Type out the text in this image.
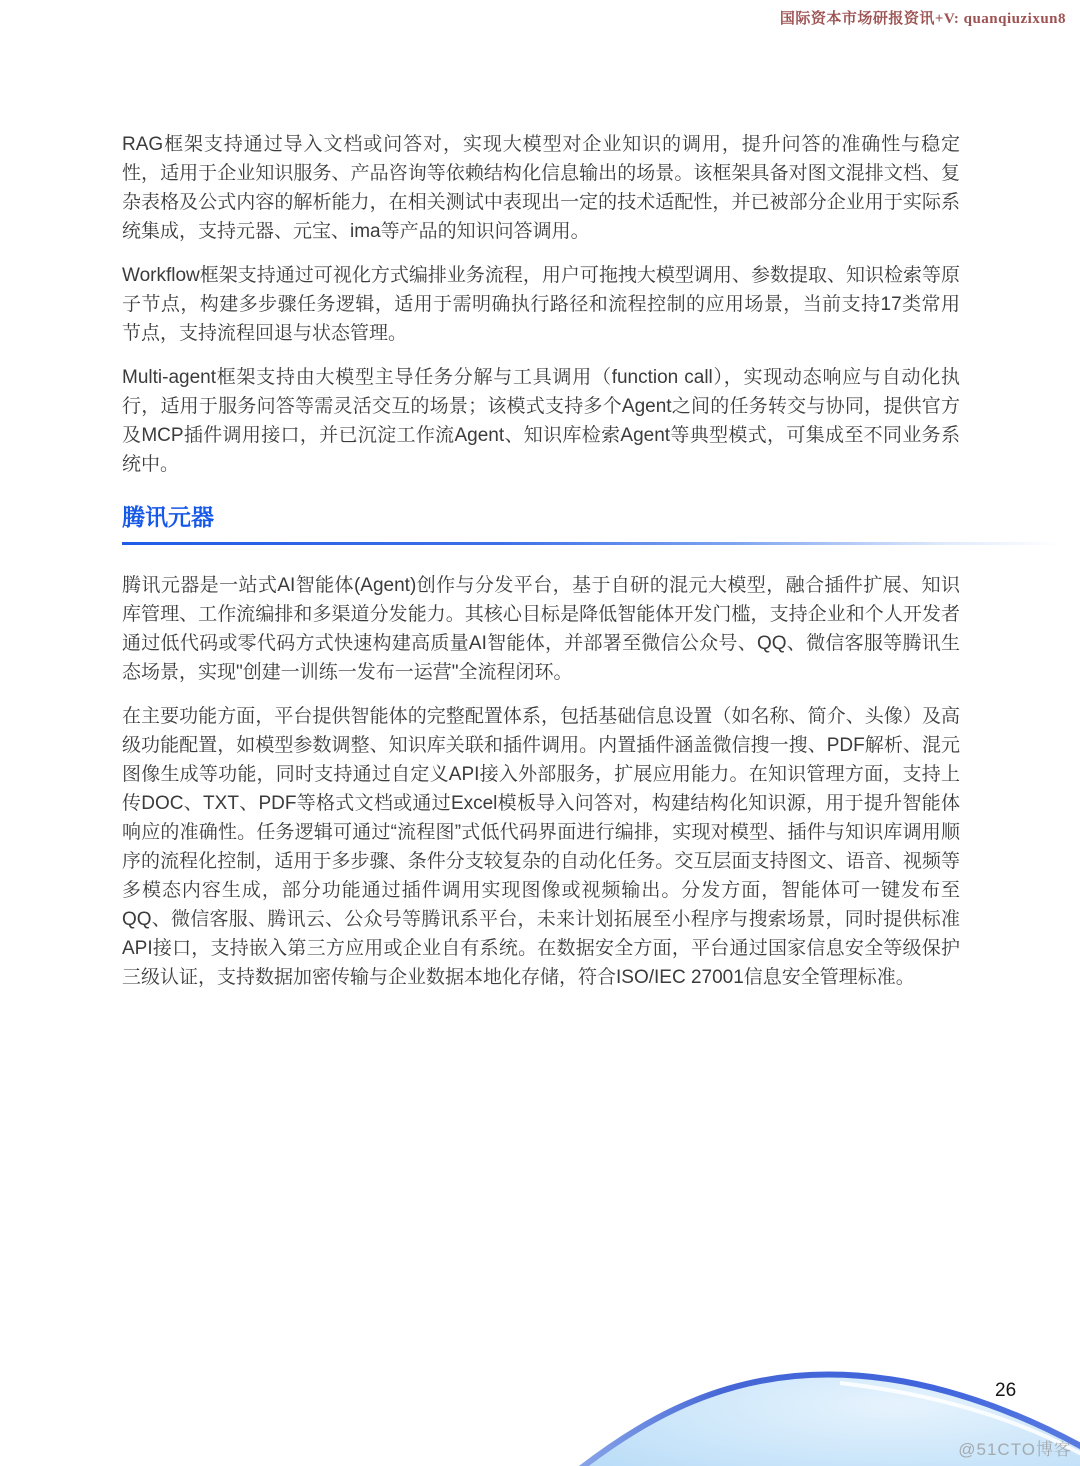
国际资本市场研报资讯+V: quanqiuzixun8

RAG框架支持通过导入文档或问答对，实现大模型对企业知识的调用，提升问答的准确性与稳定性，适用于企业知识服务、产品咨询等依赖结构化信息输出的场景。该框架具备对图文混排文档、复杂表格及公式内容的解析能力，在相关测试中表现出一定的技术适配性，并已被部分企业用于实际系统集成，支持元器、元宝、ima等产品的知识问答调用。

Workflow框架支持通过可视化方式编排业务流程，用户可拖拽大模型调用、参数提取、知识检索等原子节点，构建多步骤任务逻辑，适用于需明确执行路径和流程控制的应用场景，当前支持17类常用节点，支持流程回退与状态管理。

Multi-agent框架支持由大模型主导任务分解与工具调用（function call），实现动态响应与自动化执行，适用于服务问答等需灵活交互的场景；该模式支持多个Agent之间的任务转交与协同，提供官方及MCP插件调用接口，并已沉淀工作流Agent、知识库检索Agent等典型模式，可集成至不同业务系统中。

腾讯元器

腾讯元器是一站式AI智能体(Agent)创作与分发平台，基于自研的混元大模型，融合插件扩展、知识库管理、工作流编排和多渠道分发能力。其核心目标是降低智能体开发门槛，支持企业和个人开发者通过低代码或零代码方式快速构建高质量AI智能体，并部署至微信公众号、QQ、微信客服等腾讯生态场景，实现"创建一训练一发布一运营"全流程闭环。

在主要功能方面，平台提供智能体的完整配置体系，包括基础信息设置（如名称、简介、头像）及高级功能配置，如模型参数调整、知识库关联和插件调用。内置插件涵盖微信搜一搜、PDF解析、混元图像生成等功能，同时支持通过自定义API接入外部服务，扩展应用能力。在知识管理方面，支持上传DOC、TXT、PDF等格式文档或通过Excel模板导入问答对，构建结构化知识源，用于提升智能体响应的准确性。任务逻辑可通过“流程图”式低代码界面进行编排，实现对模型、插件与知识库调用顺序的流程化控制，适用于多步骤、条件分支较复杂的自动化任务。交互层面支持图文、语音、视频等多模态内容生成，部分功能通过插件调用实现图像或视频输出。分发方面，智能体可一键发布至QQ、微信客服、腾讯云、公众号等腾讯系平台，未来计划拓展至小程序与搜索场景，同时提供标准API接口，支持嵌入第三方应用或企业自有系统。在数据安全方面，平台通过国家信息安全等级保护三级认证，支持数据加密传输与企业数据本地化存储，符合ISO/IEC 27001信息安全管理标准。

26
@51CTO博客
